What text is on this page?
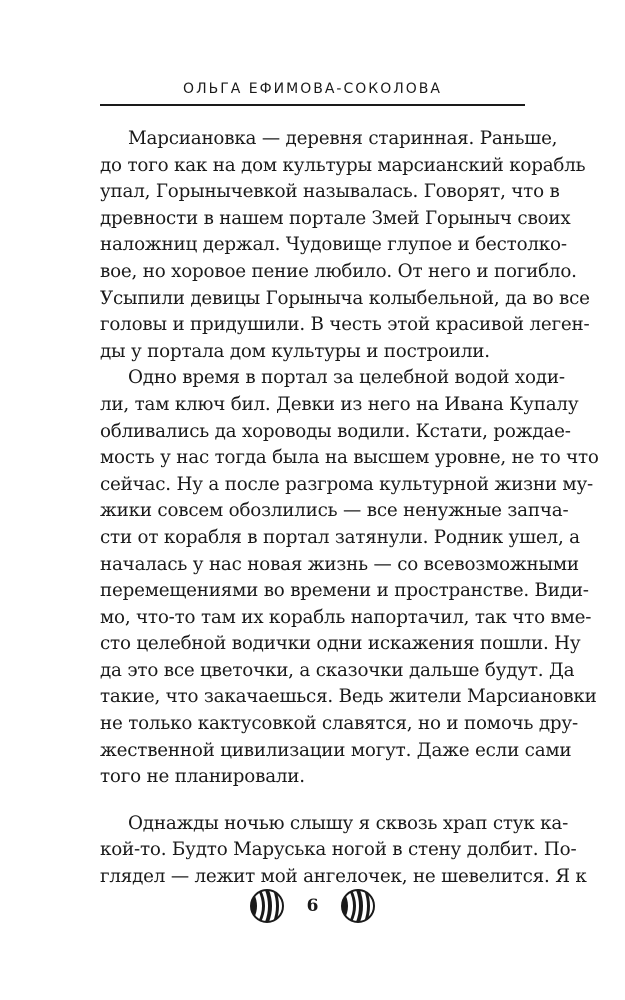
ОЛЬГА ЕФИМОВА-СОКОЛОВА
Марсиановка — деревня старинная. Раньше,
до того как на дом культуры марсианский корабль
упал, Горынычевкой называлась. Говорят, что в
древности в нашем портале Змей Горыныч своих
наложниц держал. Чудовище глупое и бестолко-
вое, но хоровое пение любило. От него и погибло.
Усыпили девицы Горыныча колыбельной, да во все
головы и придушили. В честь этой красивой леген-
ды у портала дом культуры и построили.
Одно время в портал за целебной водой ходи-
ли, там ключ бил. Девки из него на Ивана Купалу
обливались да хороводы водили. Кстати, рождае-
мость у нас тогда была на высшем уровне, не то что
сейчас. Ну а после разгрома культурной жизни му-
жики совсем обозлились — все ненужные запча-
сти от корабля в портал затянули. Родник ушел, а
началась у нас новая жизнь — со всевозможными
перемещениями во времени и пространстве. Види-
мо, что-то там их корабль напортачил, так что вме-
сто целебной водички одни искажения пошли. Ну
да это все цветочки, а сказочки дальше будут. Да
такие, что закачаешься. Ведь жители Марсиановки
не только кактусовкой славятся, но и помочь дру-
жественной цивилизации могут. Даже если сами
того не планировали.
Однажды ночью слышу я сквозь храп стук ка-
кой-то. Будто Маруська ногой в стену долбит. По-
глядел — лежит мой ангелочек, не шевелится. Я к
6
